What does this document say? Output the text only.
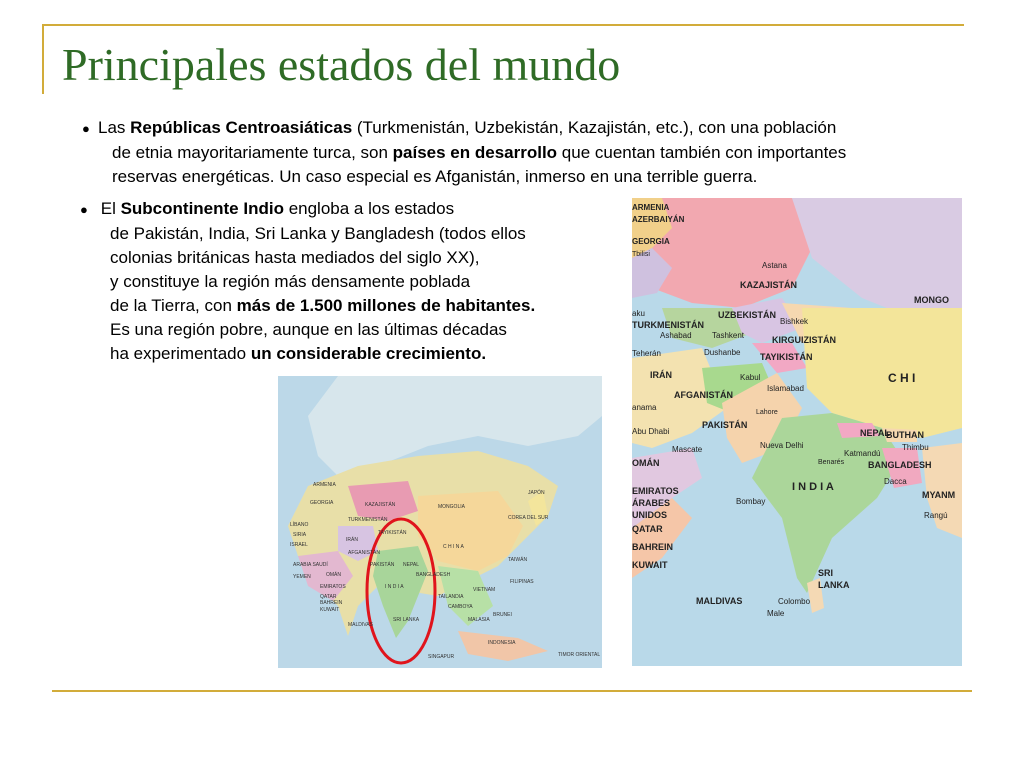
Principales estados del mundo
● Las Repúblicas Centroasiáticas (Turkmenistán, Uzbekistán, Kazajistán, etc.), con una población
de etnia mayoritariamente turca, son países en desarrollo que cuentan también con importantes
reservas energéticas. Un caso especial es Afganistán, inmerso en una terrible guerra.
● El Subcontinente Indio engloba a los estados
de Pakistán, India, Sri Lanka y Bangladesh (todos ellos
colonias británicas hasta mediados del siglo XX),
y constituye la región más densamente poblada
de la Tierra, con más de 1.500 millones de habitantes.
Es una región pobre, aunque en las últimas décadas
ha experimentado un considerable crecimiento.
KAZAJISTÁN
C H I N A
I N D I A
IRÁN
AFGANISTÁN
PAKISTÁN
JAPÓN
COREA DEL SUR
TAIWÁN
FILIPINAS
VIETNAM
MALASIA
INDONESIA
SRI LANKA
SINGAPUR
MALDIVAS
ARABIA SAUDÍ
YEMEN
TIMOR ORIENTAL
ARMENIA
GEORGIA
SIRIA
ISRAEL
LÍBANO
MONGOLIA
NEPAL
BANGLADESH
TURKMENISTÁN
TAYIKISTÁN
KUWAIT
QATAR
EMIRATOS
OMÁN
BAHREIN
TAILANDIA
CAMBOYA
BRUNEI
ARMENIA
AZERBAIYÁN
GEORGIA
Tbilisi
Astana
KAZAJISTÁN
MONGO
UZBEKISTÁN
Bishkek
TURKMENISTÁN
Ashabad	Tashkent	KIRGUIZISTÁN
aku
Teherán	Dushanbe TAYIKISTÁN
IRÁN	Kabul	C H I
AFGANISTÁN
Islamabad
Lahore
anama
PAKISTÁN
NEPAL
BUTHAN
Thimbu
Abu Dhabi
Nueva Delhi
Katmandú
Mascate
Benarés	BANGLADESH
OMÁN
Dacca
I N D I A
MYANM
EMIRATOS
ÁRABES
UNIDOS
Bombay
Rangú
QATAR
BAHREIN
KUWAIT
SRI
LANKA
MALDIVAS	Colombo
Male
